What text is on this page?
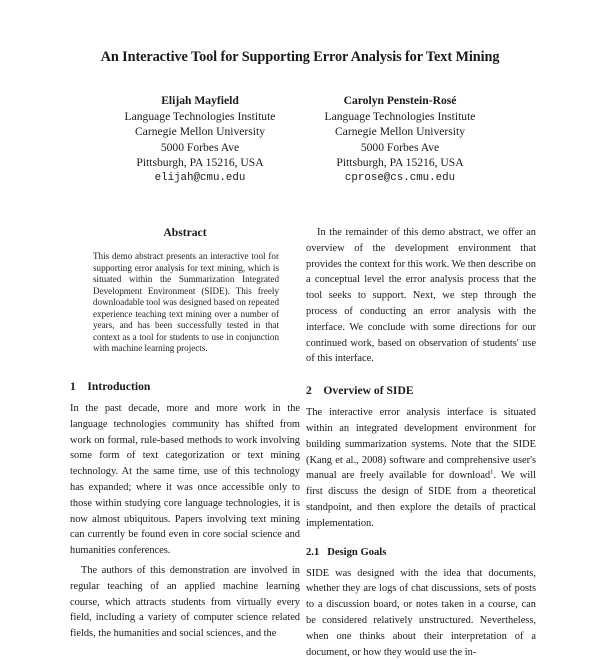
An Interactive Tool for Supporting Error Analysis for Text Mining
Elijah Mayfield
Language Technologies Institute
Carnegie Mellon University
5000 Forbes Ave
Pittsburgh, PA 15216, USA
elijah@cmu.edu
Carolyn Penstein-Rosé
Language Technologies Institute
Carnegie Mellon University
5000 Forbes Ave
Pittsburgh, PA 15216, USA
cprose@cs.cmu.edu
Abstract
This demo abstract presents an interactive tool for supporting error analysis for text mining, which is situated within the Summarization Integrated Development Environment (SIDE). This freely downloadable tool was designed based on repeated experience teaching text mining over a number of years, and has been successfully tested in that context as a tool for students to use in conjunction with machine learning projects.

1 Introduction

In the past decade, more and more work in the language technologies community has shifted from work on formal, rule-based methods to work involving some form of text categorization or text mining technology. At the same time, use of this technology has expanded; where it was once accessible only to those within studying core language technologies, it is now almost ubiquitous. Papers involving text mining can currently be found even in core social science and humanities conferences.

The authors of this demonstration are involved in regular teaching of an applied machine learning course, which attracts students from virtually every field, including a variety of computer science related fields, the humanities and social sciences, and the

In the remainder of this demo abstract, we offer an overview of the development environment that provides the context for this work. We then describe on a conceptual level the error analysis process that the tool seeks to support. Next, we step through the process of conducting an error analysis with the interface. We conclude with some directions for our continued work, based on observation of students' use of this interface.

2 Overview of SIDE

The interactive error analysis interface is situated within an integrated development environment for building summarization systems. Note that the SIDE (Kang et al., 2008) software and comprehensive user's manual are freely available for download$^1$. We will first discuss the design of SIDE from a theoretical standpoint, and then explore the details of practical implementation.

2.1 Design Goals

SIDE was designed with the idea that documents, whether they are logs of chat discussions, sets of posts to a discussion board, or notes taken in a course, can be considered relatively unstructured. Nevertheless, when one thinks about their interpretation of a document, or how they would use the in-
